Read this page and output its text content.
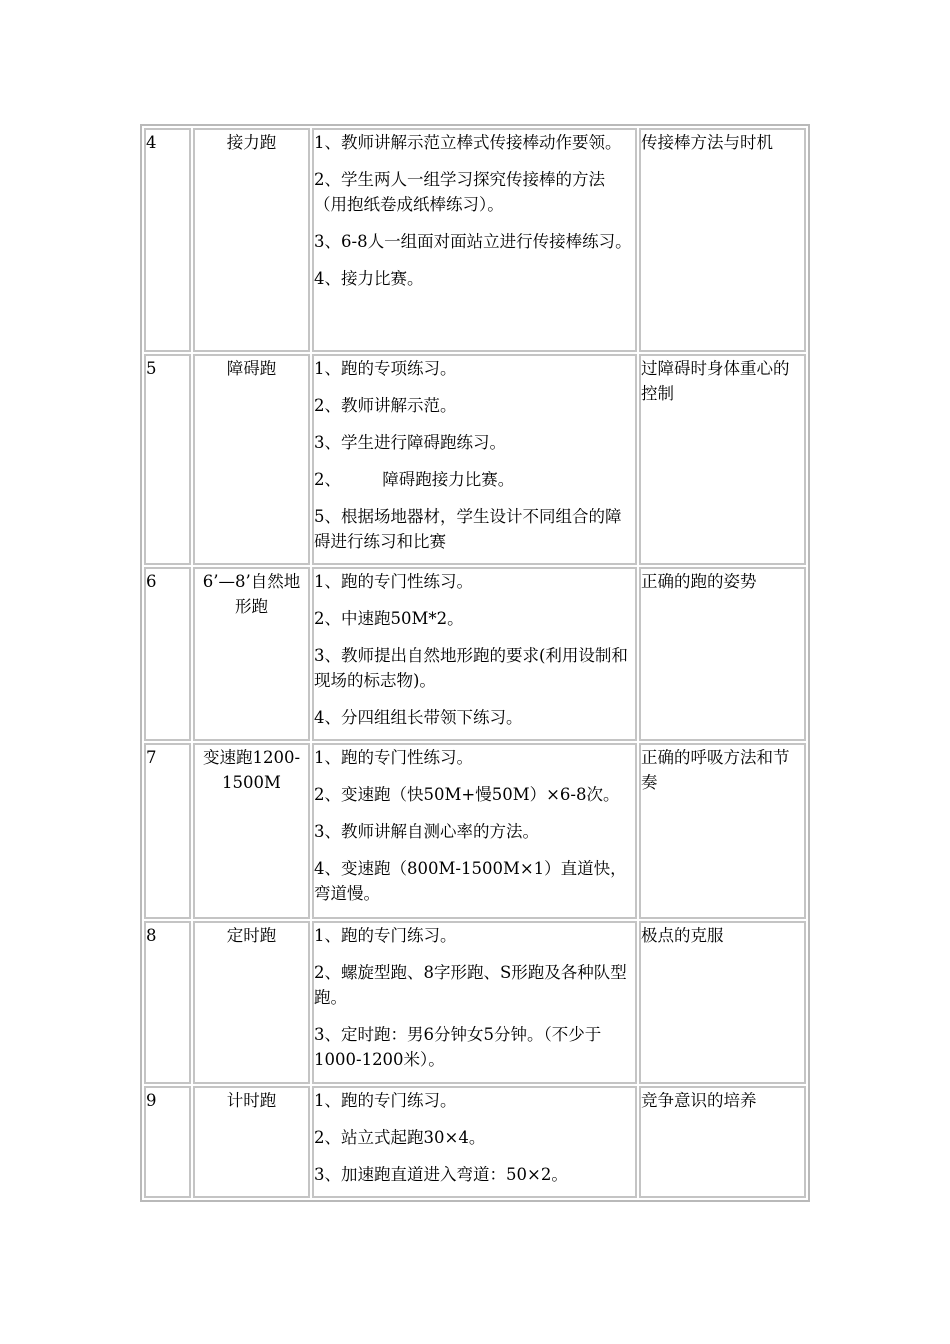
4	接力跑	1、教师讲解示范立棒式传接棒动作要领。
2、学生两人一组学习探究传接棒的方法（用抱纸卷成纸棒练习）。
3、6-8人一组面对面站立进行传接棒练习。
4、接力比赛。	传接棒方法与时机
5	障碍跑	1、跑的专项练习。
2、教师讲解示范。
3、学生进行障碍跑练习。
2、　　　障碍跑接力比赛。
5、根据场地器材，学生设计不同组合的障碍进行练习和比赛	过障碍时身体重心的控制
6	6’—8’自然地形跑	1、跑的专门性练习。
2、中速跑50M*2。
3、教师提出自然地形跑的要求(利用设制和现场的标志物)。
4、分四组组长带领下练习。	正确的跑的姿势
7	变速跑1200-1500M	1、跑的专门性练习。
2、变速跑（快50M+慢50M）×6-8次。
3、教师讲解自测心率的方法。
4、变速跑（800M-1500M×1）直道快，弯道慢。	正确的呼吸方法和节奏
8	定时跑	1、跑的专门练习。
2、螺旋型跑、8字形跑、S形跑及各种队型跑。
3、定时跑：男6分钟女5分钟。（不少于1000-1200米）。	极点的克服
9	计时跑	1、跑的专门练习。
2、站立式起跑30×4。
3、加速跑直道进入弯道：50×2。	竞争意识的培养
